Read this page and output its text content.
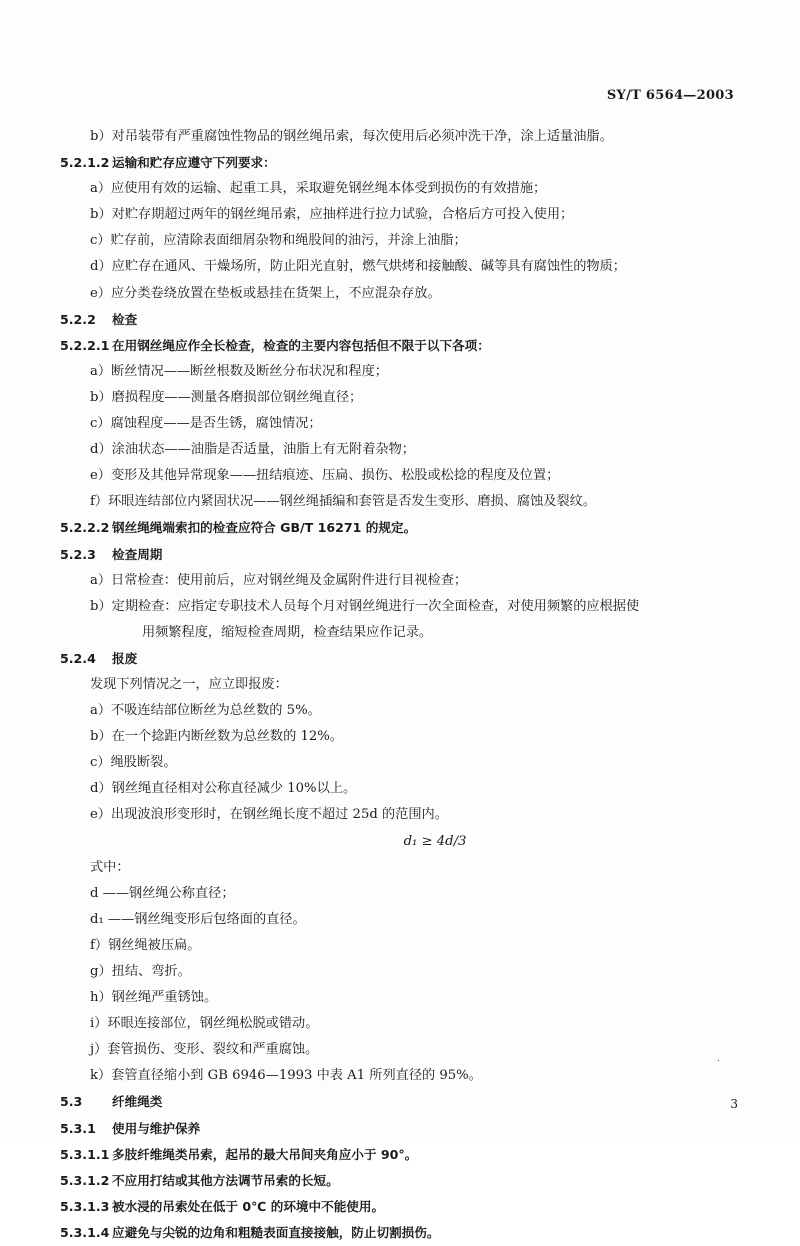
SY/T 6564—2003
b）对吊装带有严重腐蚀性物品的钢丝绳吊索，每次使用后必须冲洗干净，涂上适量油脂。
5.2.1.2 运输和贮存应遵守下列要求：
a）应使用有效的运输、起重工具，采取避免钢丝绳本体受到损伤的有效措施；
b）对贮存期超过两年的钢丝绳吊索，应抽样进行拉力试验，合格后方可投入使用；
c）贮存前，应清除表面细屑杂物和绳股间的油污，并涂上油脂；
d）应贮存在通风、干燥场所，防止阳光直射，燃气烘烤和接触酸、碱等具有腐蚀性的物质；
e）应分类卷绕放置在垫板或悬挂在货架上，不应混杂存放。
5.2.2 检查
5.2.2.1 在用钢丝绳应作全长检查，检查的主要内容包括但不限于以下各项：
a）断丝情况——断丝根数及断丝分布状况和程度；
b）磨损程度——测量各磨损部位钢丝绳直径；
c）腐蚀程度——是否生锈，腐蚀情况；
d）涂油状态——油脂是否适量，油脂上有无附着杂物；
e）变形及其他异常现象——扭结痕迹、压扁、损伤、松股或松捻的程度及位置；
f）环眼连结部位内紧固状况——钢丝绳插编和套管是否发生变形、磨损、腐蚀及裂纹。
5.2.2.2 钢丝绳绳端索扣的检查应符合 GB/T 16271 的规定。
5.2.3 检查周期
a）日常检查：使用前后，应对钢丝绳及金属附件进行目视检查；
b）定期检查：应指定专职技术人员每个月对钢丝绳进行一次全面检查，对使用频繁的应根据使
用频繁程度，缩短检查周期，检查结果应作记录。
5.2.4 报废
发现下列情况之一，应立即报废：
a）不吸连结部位断丝为总丝数的 5%。
b）在一个捻距内断丝数为总丝数的 12%。
c）绳股断裂。
d）钢丝绳直径相对公称直径减少 10%以上。
e）出现波浪形变形时，在钢丝绳长度不超过 25d 的范围内。
d₁ ≥ 4d/3
式中：
d ——钢丝绳公称直径；
d₁ ——钢丝绳变形后包络面的直径。
f）钢丝绳被压扁。
g）扭结、弯折。
h）钢丝绳严重锈蚀。
i）环眼连接部位，钢丝绳松脱或错动。
j）套管损伤、变形、裂纹和严重腐蚀。
k）套管直径缩小到 GB 6946—1993 中表 A1 所列直径的 95%。
5.3 纤维绳类
5.3.1 使用与维护保养
5.3.1.1 多肢纤维绳类吊索，起吊的最大吊间夹角应小于 90°。
5.3.1.2 不应用打结或其他方法调节吊索的长短。
5.3.1.3 被水浸的吊索处在低于 0℃ 的环境中不能使用。
5.3.1.4 应避免与尖锐的边角和粗糙表面直接接触，防止切割损伤。
·
3
